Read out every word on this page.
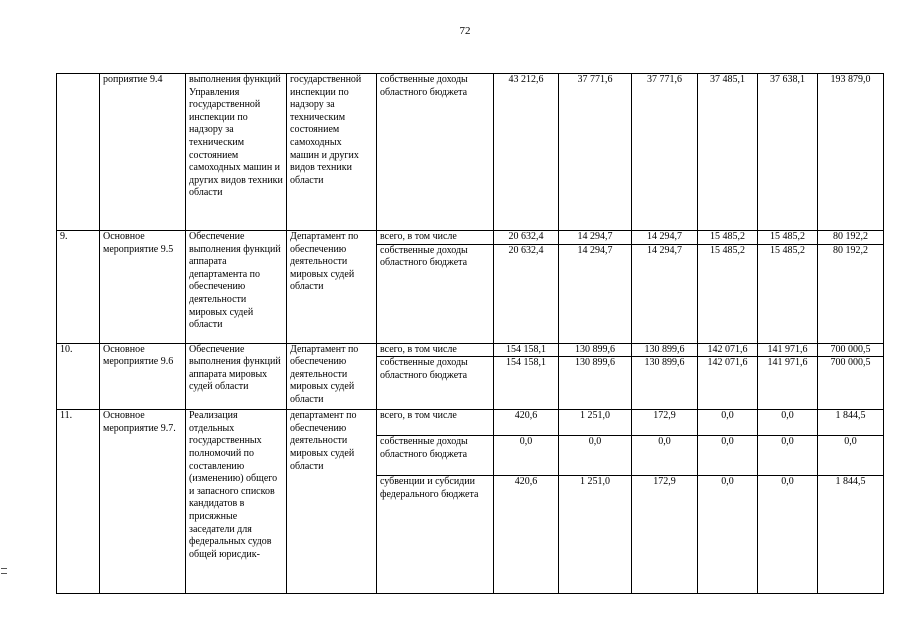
72
	роприятие 9.4	выполнения функций Управления государственной инспекции по надзору за техническим состоянием самоходных машин и других видов техники области	государственной инспекции по надзору за техническим состоянием самоходных машин и других видов техники области	собственные доходы областного бюджета	43 212,6	37 771,6	37 771,6	37 485,1	37 638,1	193 879,0
9.	Основное мероприятие 9.5	Обеспечение выполнения функций аппарата департамента по обеспечению деятельности мировых судей области	Департамент по обеспечению деятельности мировых судей области	всего, в том числе	20 632,4	14 294,7	14 294,7	15 485,2	15 485,2	80 192,2
				собственные доходы областного бюджета	20 632,4	14 294,7	14 294,7	15 485,2	15 485,2	80 192,2
10.	Основное мероприятие 9.6	Обеспечение выполнения функций аппарата мировых судей области	Департамент по обеспечению деятельности мировых судей области	всего, в том числе	154 158,1	130 899,6	130 899,6	142 071,6	141 971,6	700 000,5
				собственные доходы областного бюджета	154 158,1	130 899,6	130 899,6	142 071,6	141 971,6	700 000,5
11.	Основное мероприятие 9.7.	Реализация отдельных государственных полномочий по составлению (изменению) общего и запасного списков кандидатов в присяжные заседатели для федеральных судов общей юрисдик-	департамент по обеспечению деятельности мировых судей области	всего, в том числе	420,6	1 251,0	172,9	0,0	0,0	1 844,5
				собственные доходы областного бюджета	0,0	0,0	0,0	0,0	0,0	0,0
				субвенции и субсидии федерального бюджета	420,6	1 251,0	172,9	0,0	0,0	1 844,5
